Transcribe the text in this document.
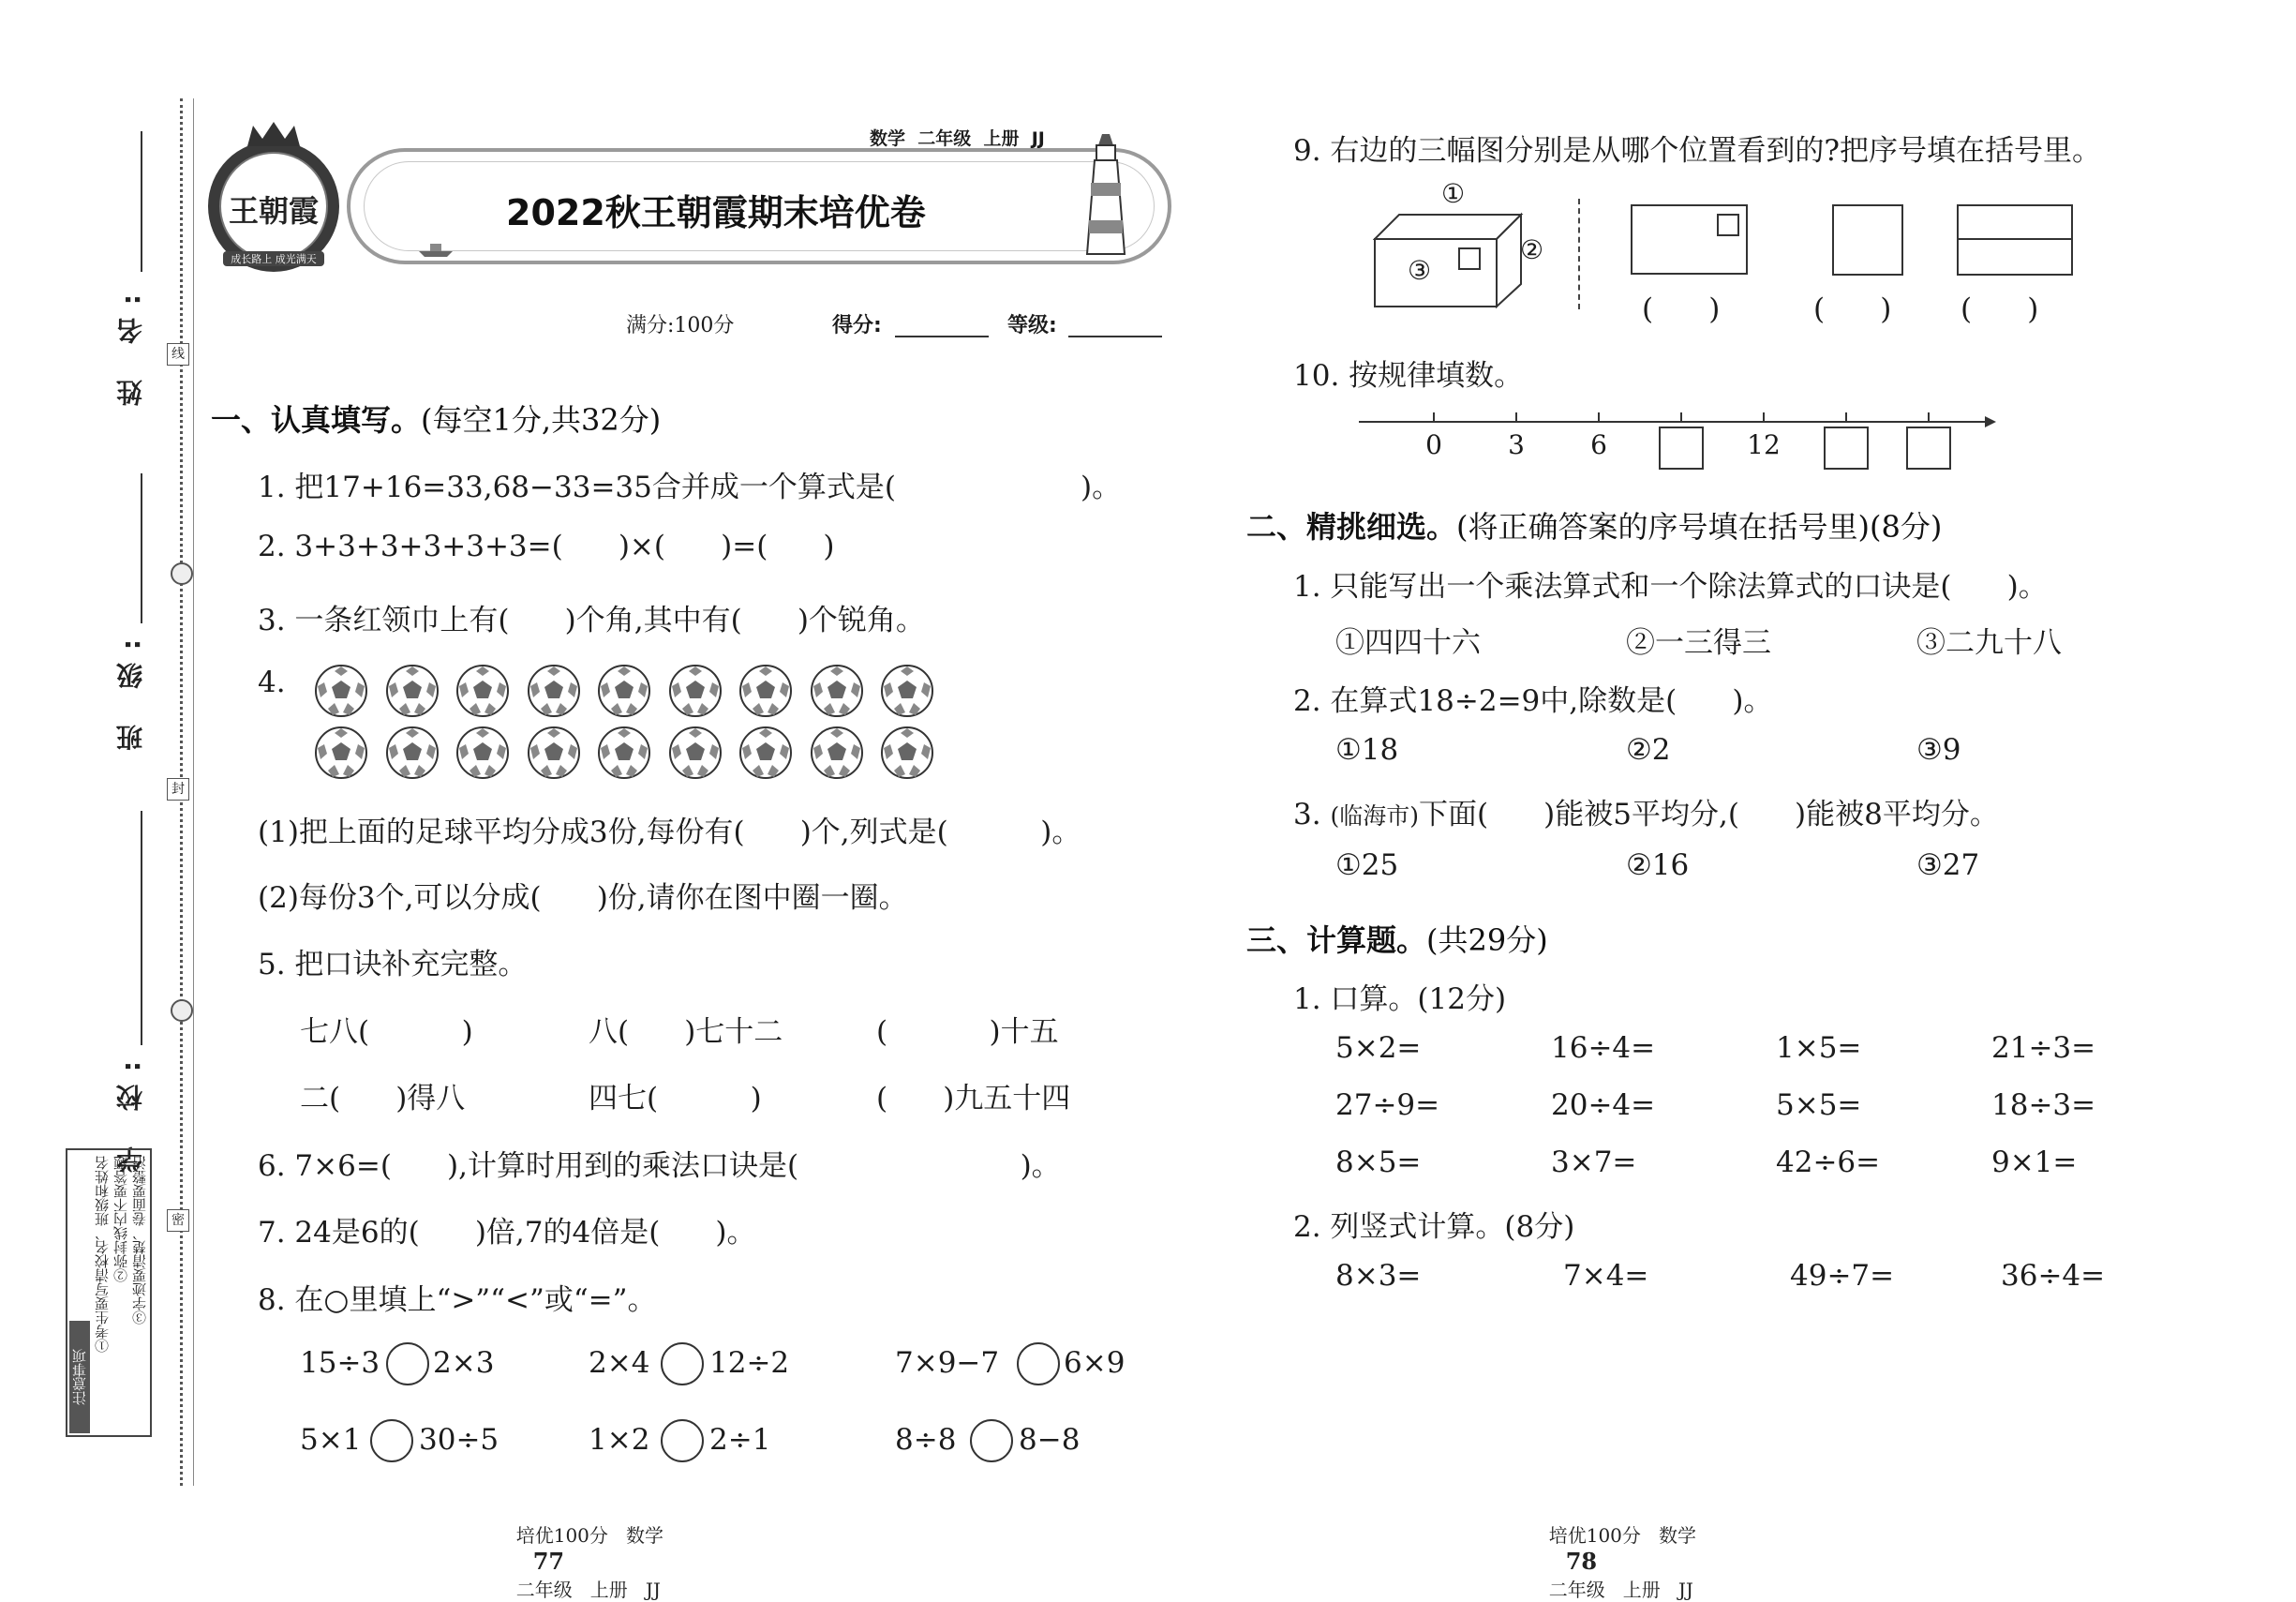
姓 名:
班 级:
学 校:
线
封
密
注意事项
①考生要写清校名、班级和姓名 ②弥封线内不要答题 ③字迹要清楚、卷面要整洁
王朝霞
成长路上 成光满天
数学  二年级  上册  JJ
2022秋王朝霞期末培优卷
满分:100分	得分:	等级:
一、认真填写。(每空1分,共32分)
1. 把17+16=33,68−33=35合并成一个算式是(                    )。
2. 3+3+3+3+3+3=(      )×(      )=(      )
3. 一条红领巾上有(      )个角,其中有(      )个锐角。
4.
(1)把上面的足球平均分成3份,每份有(      )个,列式是(          )。
(2)每份3个,可以分成(      )份,请你在图中圈一圈。
5. 把口诀补充完整。
七八(          )	八(      )七十二	(           )十五
二(      )得八	四七(          )	(      )九五十四
6. 7×6=(      ),计算时用到的乘法口诀是(                        )。
7. 24是6的(      )倍,7的4倍是(      )。
8. 在○里填上“>”“<”或“=”。
15÷3 2×3	2×4 12÷2	7×9−7 6×9
5×1 30÷5	1×2 2÷1	8÷8 8−8

培优100分   数学
77
二年级   上册   JJ

9. 右边的三幅图分别是从哪个位置看到的?把序号填在括号里。
①
②
③
(      )	(      ) (      )
10. 按规律填数。
0	3	6	12
二、精挑细选。(将正确答案的序号填在括号里)(8分)
1. 只能写出一个乘法算式和一个除法算式的口诀是(      )。
①四四十六	②一三得三	③二九十八
2. 在算式18÷2=9中,除数是(      )。
①18	②2	③9
3. (临海市)下面(      )能被5平均分,(      )能被8平均分。
①25	②16	③27
三、计算题。(共29分)
1. 口算。(12分)
5×2=	16÷4=	1×5=	21÷3=
27÷9=	20÷4=	5×5=	18÷3=
8×5=	3×7=	42÷6=	9×1=
2. 列竖式计算。(8分)
8×3=	7×4=	49÷7=	36÷4=

培优100分   数学
78
二年级   上册   JJ
